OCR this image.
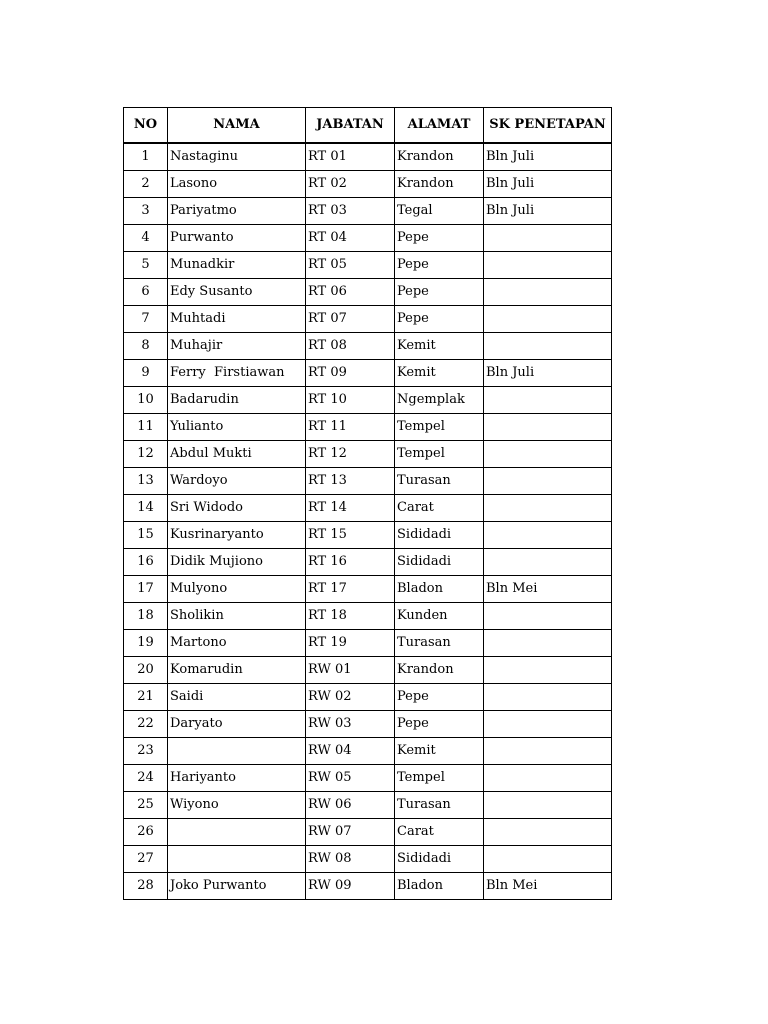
NO	NAMA	JABATAN	ALAMAT	SK PENETAPAN
1	Nastaginu	RT 01	Krandon	Bln Juli
2	Lasono	RT 02	Krandon	Bln Juli
3	Pariyatmo	RT 03	Tegal	Bln Juli
4	Purwanto	RT 04	Pepe	
5	Munadkir	RT 05	Pepe	
6	Edy Susanto	RT 06	Pepe	
7	Muhtadi	RT 07	Pepe	
8	Muhajir	RT 08	Kemit	
9	Ferry  Firstiawan	RT 09	Kemit	Bln Juli
10	Badarudin	RT 10	Ngemplak	
11	Yulianto	RT 11	Tempel	
12	Abdul Mukti	RT 12	Tempel	
13	Wardoyo	RT 13	Turasan	
14	Sri Widodo	RT 14	Carat	
15	Kusrinaryanto	RT 15	Sididadi	
16	Didik Mujiono	RT 16	Sididadi	
17	Mulyono	RT 17	Bladon	Bln Mei
18	Sholikin	RT 18	Kunden	
19	Martono	RT 19	Turasan	
20	Komarudin	RW 01	Krandon	
21	Saidi	RW 02	Pepe	
22	Daryato	RW 03	Pepe	
23		RW 04	Kemit	
24	Hariyanto	RW 05	Tempel	
25	Wiyono	RW 06	Turasan	
26		RW 07	Carat	
27		RW 08	Sididadi	
28	Joko Purwanto	RW 09	Bladon	Bln Mei
